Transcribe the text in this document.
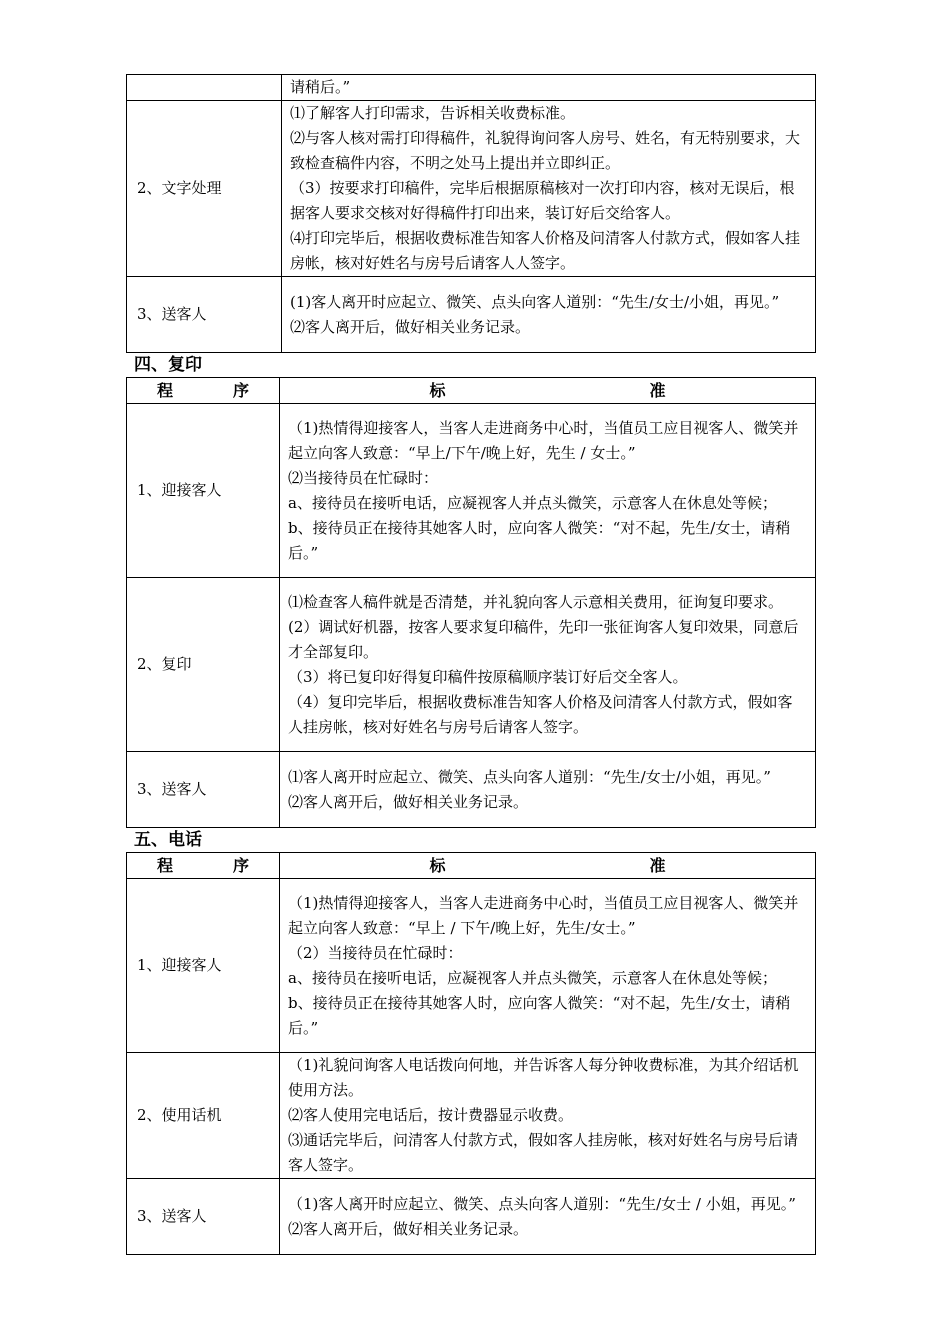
	请稍后。”

2、文字处理	⑴了解客人打印需求，告诉相关收费标准。

⑵与客人核对需打印得稿件，礼貌得询问客人房号、姓名，有无特别要求，大致检查稿件内容，不明之处马上提出并立即纠正。

（3）按要求打印稿件，完毕后根据原稿核对一次打印内容，核对无误后，根据客人要求交核对好得稿件打印出来，装订好后交给客人。

⑷打印完毕后，根据收费标准告知客人价格及问清客人付款方式，假如客人挂房帐，核对好姓名与房号后请客人人签字。

3、送客人	(1)客人离开时应起立、微笑、点头向客人道别：“先生/女士/小姐，再见。”

⑵客人离开后，做好相关业务记录。

四、复印
程 序	标 准

1、迎接客人	（1)热情得迎接客人，当客人走进商务中心时，当值员工应目视客人、微笑并起立向客人致意：“早上/下午/晚上好，先生 / 女士。”

⑵当接待员在忙碌时：

a、接待员在接听电话，应凝视客人并点头微笑，示意客人在休息处等候；

b、接待员正在接待其她客人时，应向客人微笑：“对不起，先生/女士，请稍后。”

2、复印	⑴检查客人稿件就是否清楚，并礼貌向客人示意相关费用，征询复印要求。

(2）调试好机器，按客人要求复印稿件，先印一张征询客人复印效果，同意后才全部复印。

（3）将已复印好得复印稿件按原稿顺序装订好后交全客人。

（4）复印完毕后，根据收费标准告知客人价格及问清客人付款方式，假如客人挂房帐，核对好姓名与房号后请客人签字。

3、送客人	⑴客人离开时应起立、微笑、点头向客人道别：“先生/女士/小姐，再见。”

⑵客人离开后，做好相关业务记录。

五、电话
程 序	标 准

1、迎接客人	（1)热情得迎接客人，当客人走进商务中心时，当值员工应目视客人、微笑并起立向客人致意：“早上 / 下午/晚上好，先生/女士。”

（2）当接待员在忙碌时：

a、接待员在接听电话，应凝视客人并点头微笑，示意客人在休息处等候；

b、接待员正在接待其她客人时，应向客人微笑：“对不起，先生/女士，请稍后。”

2、使用话机	（1)礼貌问询客人电话拨向何地，并告诉客人每分钟收费标准，为其介绍话机使用方法。

⑵客人使用完电话后，按计费器显示收费。

⑶通话完毕后，问清客人付款方式，假如客人挂房帐，核对好姓名与房号后请客人签字。

3、送客人	（1)客人离开时应起立、微笑、点头向客人道别：“先生/女士 / 小姐，再见。”

⑵客人离开后，做好相关业务记录。
